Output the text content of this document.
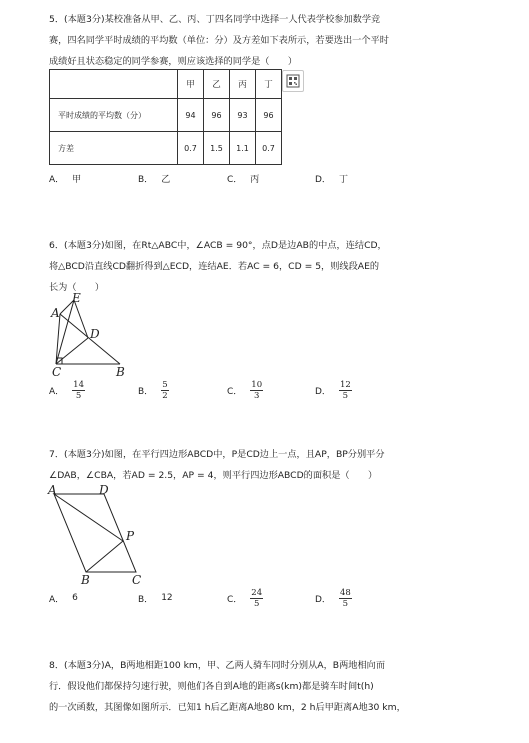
5．(本题3分)某校准备从甲、乙、丙、丁四名同学中选择一人代表学校参加数学竞

赛，四名同学平时成绩的平均数（单位：分）及方差如下表所示，若要选出一个平时

成绩好且状态稳定的同学参赛，则应该选择的同学是（　　）

	甲	乙	丙	丁
平时成绩的平均数（分）	94	96	93	96
方差	0.7	1.5	1.1	0.7
A． 甲	B． 乙	C． 丙	D． 丁

6．(本题3分)如图，在Rt△ABC中，∠ACB = 90°，点D是边AB的中点，连结CD，

将△BCD沿直线CD翻折得到△ECD，连结AE．若AC = 6，CD = 5，则线段AE的

长为（　　）

E
A
D
C	B
A． $\frac{14}{5}$	B． $\frac{5}{2}$	C． $\frac{10}{3}$	D． $\frac{12}{5}$

7．(本题3分)如图，在平行四边形ABCD中，P是CD边上一点，且AP，BP分别平分

∠DAB，∠CBA，若AD = 2.5，AP = 4，则平行四边形ABCD的面积是（　　）

A	D
P
B	C
A． 6	B． 12	C． $\frac{24}{5}$	D． $\frac{48}{5}$

8．(本题3分)A，B两地相距100 km，甲、乙两人骑车同时分别从A，B两地相向而

行．假设他们都保持匀速行驶，则他们各自到A地的距离s(km)都是骑车时间t(h)

的一次函数，其图像如图所示．已知1 h后乙距离A地80 km，2 h后甲距离A地30 km，
